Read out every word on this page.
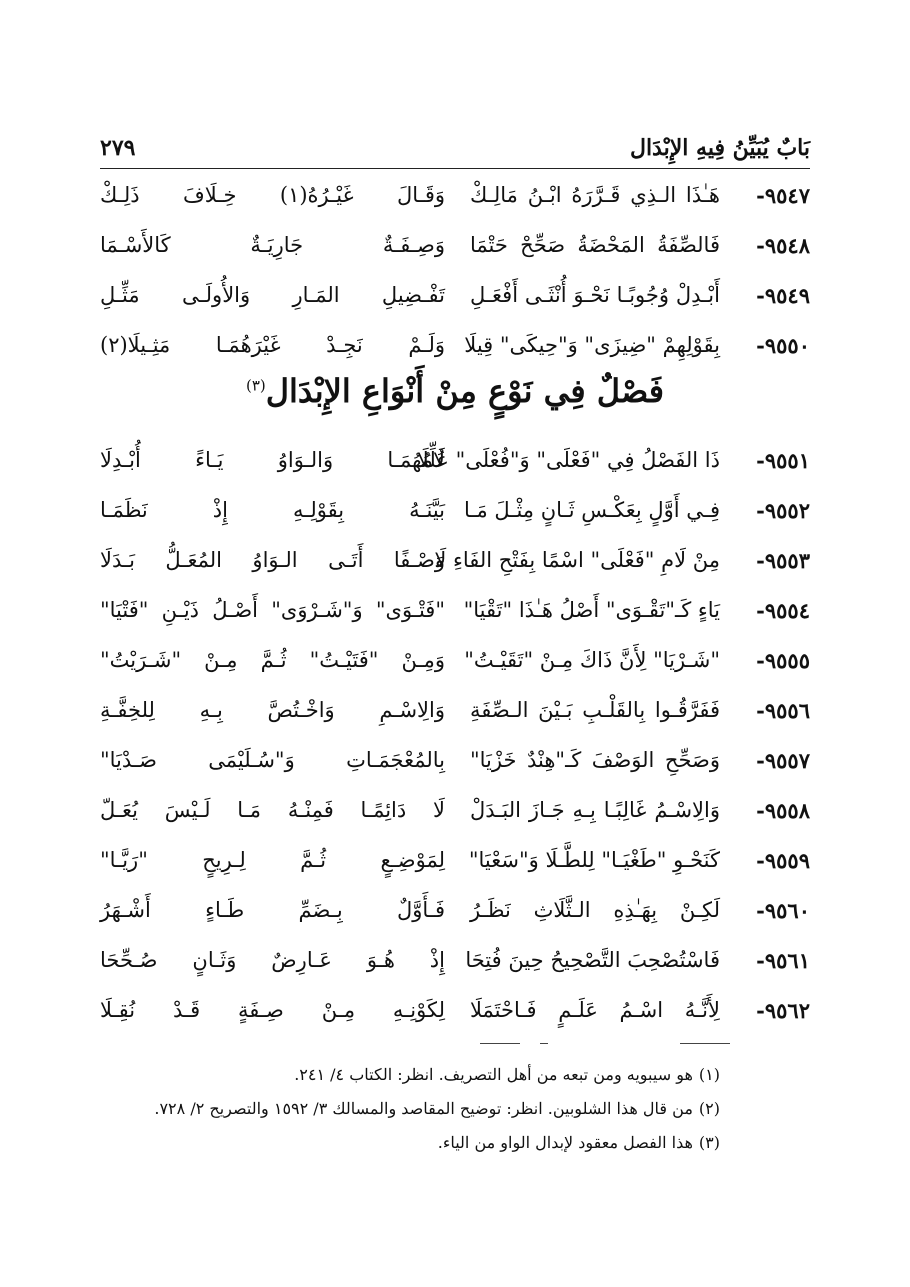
بَابٌ يُبَيِّنُ فِيهِ الإِبْدَال
٢٧٩
٩٥٤٧-
هَـٰذَا الـذِي قَـرَّرَهُ ابْـنُ مَالِـكْ
وَقَـالَ غَيْـرُهُ(١) خِـلَافَ ذَلِـكْ
٩٥٤٨-
فَالصِّفَةُ المَحْضَةُ صَحِّحْ حَتْمَا
وَصِـفَـةٌ جَارِيَـةٌ كَالأَسْـمَا
٩٥٤٩-
أَبْـدِلْ وُجُوبًـا نَحْـوَ أُنْثَـى أَفْعَـلِ
تَفْـضِيلِ المَـارِ وَالأُولَـى مَثِّـلِ
٩٥٥٠-
بِقَوْلِهِمْ "ضِيزَى" وَ"حِيكَى" قِيلَا
وَلَـمْ نَجِـدْ غَيْرَهُمَـا مَثِـيلَا(٢)
فَصْلٌ فِي نَوْعٍ مِنْ أَنْوَاعِ الإِبْدَال$^{(٣)}$
٩٥٥١-
ذَا الفَصْلُ فِي "فَعْلَى" وَ"فُعْلَى" عُلِّلَا
لَامُهُمَـا وَالـوَاوُ يَـاءً أُبْـدِلَا
٩٥٥٢-
فِـي أَوَّلٍ بِعَكْـسِ ثَـانٍ مِثْـلَ مَـا
بَيَّنَـهُ بِقَوْلِـهِ إِذْ نَظَمَـا
٩٥٥٣-
مِنْ لَامِ "فَعْلَى" اسْمًا بِفَتْحِ الفَاءِ لَا
وَصْـفًا أَتَـى الـوَاوُ المُعَـلُّ بَـدَلَا
٩٥٥٤-
يَاءٍ كَـ"تَقْـوَى" أَصْلُ هَـٰذَا "تَقْيَا"
"فَتْـوَى" وَ"شَـرْوَى" أَصْـلُ ذَيْـنِ "فَتْيَا"
٩٥٥٥-
"شَـرْيَا" لِأَنَّ ذَاكَ مِـنْ "تَقَيْـتُ"
وَمِـنْ "فَتَيْـتُ" ثُـمَّ مِـنْ "شَـرَيْتُ"
٩٥٥٦-
فَفَرَّقُـوا بِالقَلْـبِ بَـيْنَ الـصِّفَةِ
وَالِاسْـمِ وَاخْـتُصَّ بِـهِ لِلخِفَّـةِ
٩٥٥٧-
وَصَحِّحِ الوَصْفَ كَـ"هِنْدٌ خَزْيَا"
بِالمُعْجَمَـاتِ وَ"سُـلَيْمَى صَـدْيَا"
٩٥٥٨-
وَالِاسْـمُ غَالِبًـا بِـهِ جَـازَ البَـدَلْ
لَا دَائِمًـا فَمِنْـهُ مَـا لَـيْسَ يُعَـلّ
٩٥٥٩-
كَنَحْـوِ "طَغْيَـا" لِلطَّـلَا وَ"سَعْيَا"
لِمَوْضِـعٍ ثُـمَّ لِـرِيحٍ "رَيَّـا"
٩٥٦٠-
لَكِـنْ بِهَـٰذِهِ الـثَّلَاثِ نَظَـرُ
فَـأَوَّلٌ بِـضَمِّ طَـاءٍ أَشْـهَرُ
٩٥٦١-
فَاسْتُصْحِبَ التَّصْحِيحُ حِينَ فُتِحَا
إِذْ هُـوَ عَـارِضٌ وَثَـانٍ صُـحِّحَا
٩٥٦٢-
لِأَنَّـهُ اسْـمُ عَلَـمٍ فَـاحْتَمَلَا
لِكَوْنِـهِ مِـنْ صِـفَةٍ قَـدْ نُقِـلَا
(١)هو سيبويه ومن تبعه من أهل التصريف. انظر: الكتاب ٤/ ٢٤١.
(٢)من قال هذا الشلوبين. انظر: توضيح المقاصد والمسالك ٣/ ١٥٩٢ والتصريح ٢/ ٧٢٨.
(٣)هذا الفصل معقود لإبدال الواو من الياء.
